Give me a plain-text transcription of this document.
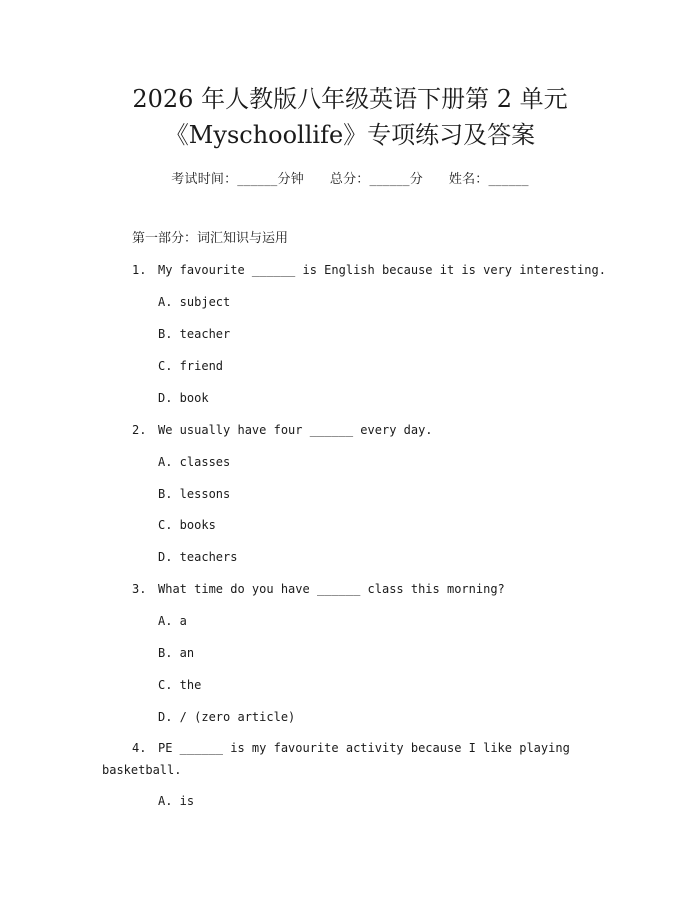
2026 年人教版八年级英语下册第 2 单元
《Myschoollife》专项练习及答案
考试时间：______分钟      总分：______分      姓名：______
第一部分：词汇知识与运用
1. My favourite ______ is English because it is very interesting.
A. subject
B. teacher
C. friend
D. book
2. We usually have four ______ every day.
A. classes
B. lessons
C. books
D. teachers
3. What time do you have ______ class this morning?
A. a
B. an
C. the
D. / (zero article)
4. PE ______ is my favourite activity because I like playing
basketball.
A. is
